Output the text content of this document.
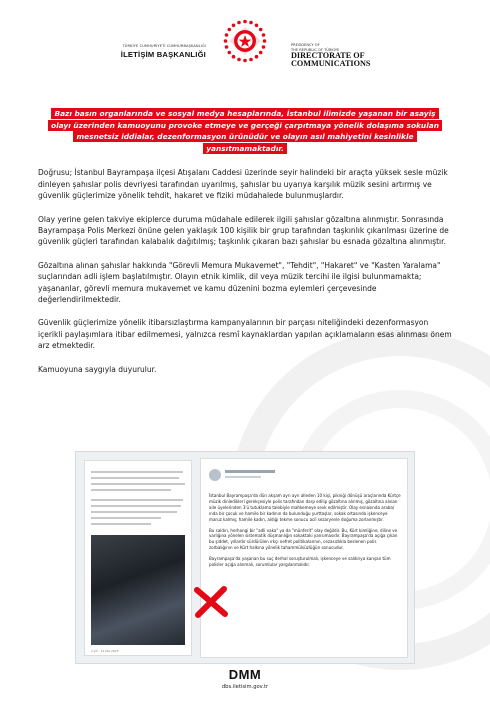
TÜRKİYE CUMHURİYETİ CUMHURBAŞKANLIĞI
İLETİŞİM BAŞKANLIĞI
PRESIDENCY OF
THE REPUBLIC OF TÜRKİYE
DIRECTORATE OF
COMMUNICATIONS
Bazı basın organlarında ve sosyal medya hesaplarında, İstanbul ilimizde yaşanan bir asayiş olayı üzerinden kamuoyunu provoke etmeye ve gerçeği çarpıtmaya yönelik dolaşıma sokulan mesnetsiz iddialar, dezenformasyon ürünüdür ve olayın asıl mahiyetini kesinlikle yansıtmamaktadır.

Doğrusu; İstanbul Bayrampaşa ilçesi Atışalanı Caddesi üzerinde seyir halindeki bir araçta yüksek sesle müzik dinleyen şahıslar polis devriyesi tarafından uyarılmış, şahıslar bu uyarıya karşılık müzik sesini artırmış ve güvenlik güçlerimize yönelik tehdit, hakaret ve fiziki müdahalede bulunmuşlardır.

Olay yerine gelen takviye ekiplerce duruma müdahale edilerek ilgili şahıslar gözaltına alınmıştır. Sonrasında Bayrampaşa Polis Merkezi önüne gelen yaklaşık 100 kişilik bir grup tarafından taşkınlık çıkarılması üzerine de güvenlik güçleri tarafından kalabalık dağıtılmış; taşkınlık çıkaran bazı şahıslar bu esnada gözaltına alınmıştır.

Gözaltına alınan şahıslar hakkında "Görevli Memura Mukavemet", "Tehdit", "Hakaret" ve "Kasten Yaralama" suçlarından adli işlem başlatılmıştır. Olayın etnik kimlik, dil veya müzik tercihi ile ilgisi bulunmamakta; yaşananlar, görevli memura mukavemet ve kamu düzenini bozma eylemleri çerçevesinde değerlendirilmektedir.

Güvenlik güçlerimize yönelik itibarsızlaştırma kampanyalarının bir parçası niteliğindeki dezenformasyon içerikli paylaşımlara itibar edilmemesi, yalnızca resmî kaynaklardan yapılan açıklamaların esas alınması önem arz etmektedir.

Kamuoyuna saygıyla duyurulur.

1:22 · 11 Nis 2025

İstanbul Bayrampaşa'da dün akşam ayrı ayrı alleden 10 kişi, pikniği dönüşü araçlarında Kürtçe müzik dinledikleri gerekçesiyle polis tarafından darp edilip gözaltına alınmış, gözaltına alınan aile üyelerinden 3'ü tutuklama talebiyle mahkemeye sevk edilmiştir. Olay esnasında araba/ında bir çocuk ve hamile bir kadının da bulunduğu yurttaşlar, sokak ortasında işkenceye maruz kalmış; hamile kadın, aldığı tekme sonucu acil sezaryenle doğuma zorlanmıştır.

Bu saldırı, herhangi bir "adli vaka" ya da "münferit" olay değildir. Bu, Kürt kimliğine, diline ve varlığına yönelen sistematik düşmanlığın sokaktaki yansımasıdır. Bayrampaşa'da açığa çıkan bu şiddet, yıllardır sürdürülen ırkçı nefret politikalarının, cezasızlıkla beslenen polis zorbalığının ve Kürt halkına yönelik tahammülsüzlüğün sonucudur.

Bayrampaşa'da yaşanan bu suç derhal soruşturulmalı, işkenceye ve saldırıya karışan tüm polisler açığa alınmalı, sorumlular yargılanmalıdır.

DMM
dbs.iletisim.gov.tr
